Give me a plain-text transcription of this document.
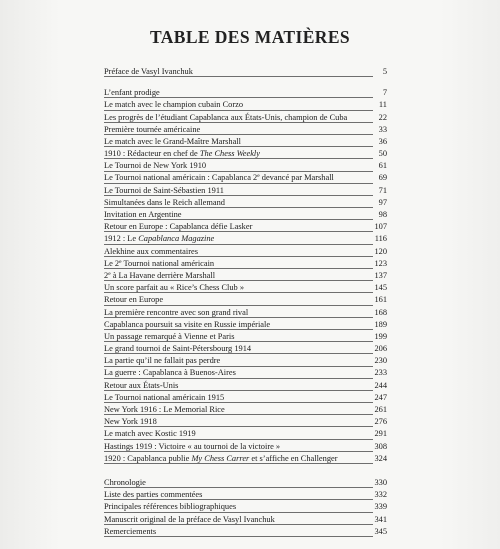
TABLE DES MATIÈRES
Préface de Vasyl Ivanchuk	5
L’enfant prodige	7
Le match avec le champion cubain Corzo	11
Les progrès de l’étudiant Capablanca aux États-Unis, champion de Cuba	22
Première tournée américaine	33
Le match avec le Grand-Maître Marshall	36
1910 : Rédacteur en chef de The Chess Weekly	50
Le Tournoi de New York 1910	61
Le Tournoi national américain : Capablanca 2e devancé par Marshall	69
Le Tournoi de Saint-Sébastien 1911	71
Simultanées dans le Reich allemand	97
Invitation en Argentine	98
Retour en Europe : Capablanca défie Lasker	107
1912 : Le Capablanca Magazine	116
Alekhine aux commentaires	120
Le 2e Tournoi national américain	123
2e à La Havane derrière Marshall	137
Un score parfait au « Rice’s Chess Club »	145
Retour en Europe	161
La première rencontre avec son grand rival	168
Capablanca poursuit sa visite en Russie impériale	189
Un passage remarqué à Vienne et Paris	199
Le grand tournoi de Saint-Pétersbourg 1914	206
La partie qu’il ne fallait pas perdre	230
La guerre : Capablanca à Buenos-Aires	233
Retour aux États-Unis	244
Le Tournoi national américain 1915	247
New York 1916 : Le Memorial Rice	261
New York 1918	276
Le match avec Kostic 1919	291
Hastings 1919 : Victoire « au tournoi de la victoire »	308
1920 : Capablanca publie My Chess Carrer et s’affiche en Challenger	324
Chronologie	330
Liste des parties commentées	332
Principales références bibliographiques	339
Manuscrit original de la préface de Vasyl Ivanchuk	341
Remerciements	345
